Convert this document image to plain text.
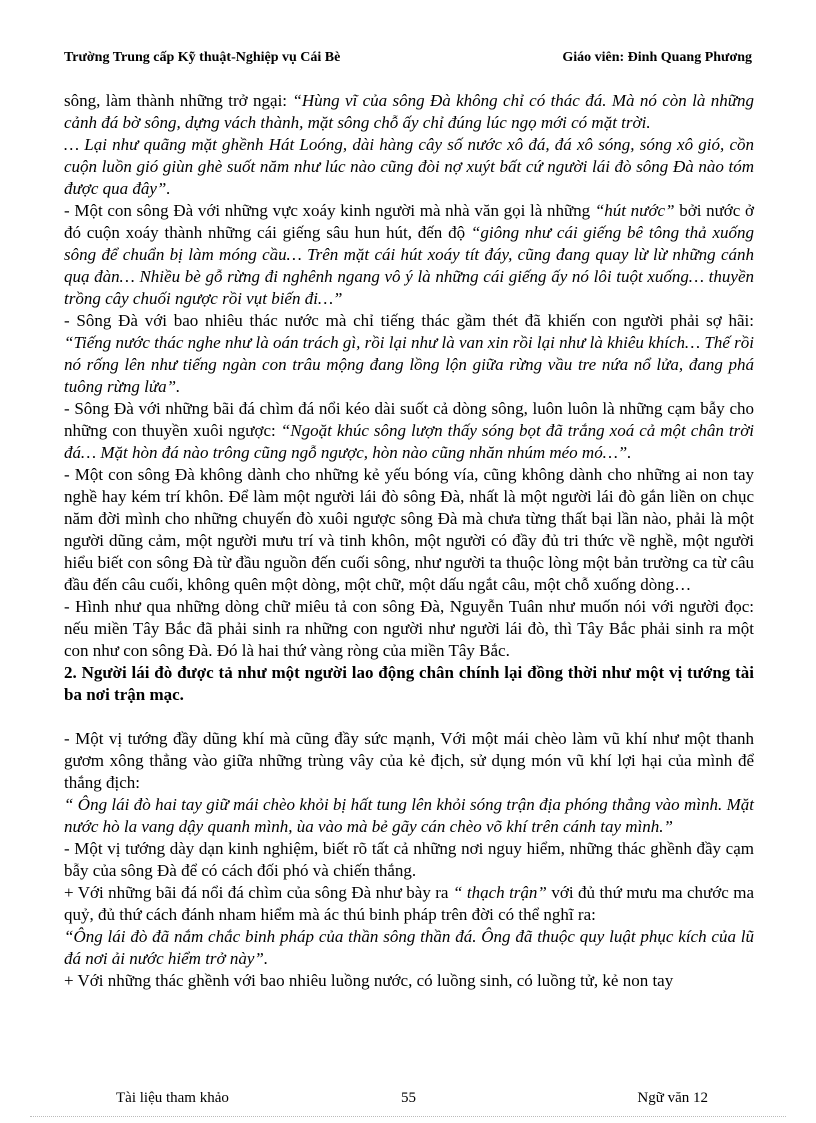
Trường Trung cấp Kỹ thuật-Nghiệp vụ Cái Bè	Giáo viên: Đinh Quang Phương

sông, làm thành những trở ngại: “Hùng vĩ của sông Đà không chỉ có thác đá. Mà nó còn là những cảnh đá bờ sông, dựng vách thành, mặt sông chỗ ấy chỉ đúng lúc ngọ mới có mặt trời.

… Lại như quãng mặt ghềnh Hát Loóng, dài hàng cây số nước xô đá, đá xô sóng, sóng xô gió, cồn cuộn luồn gió giùn ghè suốt năm như lúc nào cũng đòi nợ xuýt bất cứ người lái đò sông Đà nào tóm được qua đây”.

- Một con sông Đà với những vực xoáy kinh người mà nhà văn gọi là những “hút nước” bởi nước ở đó cuộn xoáy thành những cái giếng sâu hun hút, đến độ “giông như cái giếng bê tông thả xuống sông để chuẩn bị làm móng cầu… Trên mặt cái hút xoáy tít đáy, cũng đang quay lừ lừ những cánh quạ đàn… Nhiều bè gỗ rừng đi nghênh ngang vô ý là những cái giếng ấy nó lôi tuột xuống… thuyền trồng cây chuối ngược rồi vụt biến đi…”

- Sông Đà với bao nhiêu thác nước mà chỉ tiếng thác gầm thét đã khiến con người phải sợ hãi: “Tiếng nước thác nghe như là oán trách gì, rồi lại như là van xin rồi lại như là khiêu khích… Thế rồi nó rống lên như tiếng ngàn con trâu mộng đang lồng lộn giữa rừng vầu tre nứa nổ lửa, đang phá tuông rừng lửa”.

- Sông Đà với những bãi đá chìm đá nổi kéo dài suốt cả dòng sông, luôn luôn là những cạm bẫy cho những con thuyền xuôi ngược: “Ngoặt khúc sông lượn thấy sóng bọt đã trắng xoá cả một chân trời đá… Mặt hòn đá nào trông cũng ngỗ ngược, hòn nào cũng nhăn nhúm méo mó…”.

- Một con sông Đà không dành cho những kẻ yếu bóng vía, cũng không dành cho những ai non tay nghề hay kém trí khôn. Để làm một người lái đò sông Đà, nhất là một người lái đò gắn liền on chục năm đời mình cho những chuyến đò xuôi ngược sông Đà mà chưa từng thất bại lần nào, phải là một người dũng cảm, một người mưu trí và tinh khôn, một người có đầy đủ tri thức về nghề, một người hiểu biết con sông Đà từ đầu nguồn đến cuối sông, như người ta thuộc lòng một bản trường ca từ câu đầu đến câu cuối, không quên một dòng, một chữ, một dấu ngắt câu, một chỗ xuống dòng…

- Hình như qua những dòng chữ miêu tả con sông Đà, Nguyễn Tuân như muốn nói với người đọc: nếu miền Tây Bắc đã phải sinh ra những con người như người lái đò, thì Tây Bắc phải sinh ra một con như con sông Đà. Đó là hai thứ vàng ròng của miền Tây Bắc.

2. Người lái đò được tả như một người lao động chân chính lại đồng thời như một vị tướng tài ba nơi trận mạc.

- Một vị tướng đầy dũng khí mà cũng đầy sức mạnh, Với một mái chèo làm vũ khí như một thanh gươm xông thẳng vào giữa những trùng vây của kẻ địch, sử dụng món vũ khí lợi hại của mình để thắng địch:

“ Ông lái đò hai tay giữ mái chèo khỏi bị hất tung lên khỏi sóng trận địa phóng thẳng vào mình. Mặt nước hò la vang dậy quanh mình, ùa vào mà bẻ gãy cán chèo võ khí trên cánh tay mình.”

- Một vị tướng dày dạn kinh nghiệm, biết rõ tất cả những nơi nguy hiểm, những thác ghềnh đầy cạm bẫy của sông Đà để có cách đối phó và chiến thắng.

+ Với những bãi đá nổi đá chìm của sông Đà như bày ra “ thạch trận” với đủ thứ mưu ma chước ma quỷ, đủ thứ cách đánh nham hiểm mà ác thú binh pháp trên đời có thể nghĩ ra:

“Ông lái đò đã nắm chắc binh pháp của thần sông thần đá. Ông đã thuộc quy luật phục kích của lũ đá nơi ải nước hiểm trở này”.

+ Với những thác ghềnh với bao nhiêu luồng nước, có luồng sinh, có luồng tử, kẻ non tay

Tài liệu tham khảo	55	Ngữ văn 12
